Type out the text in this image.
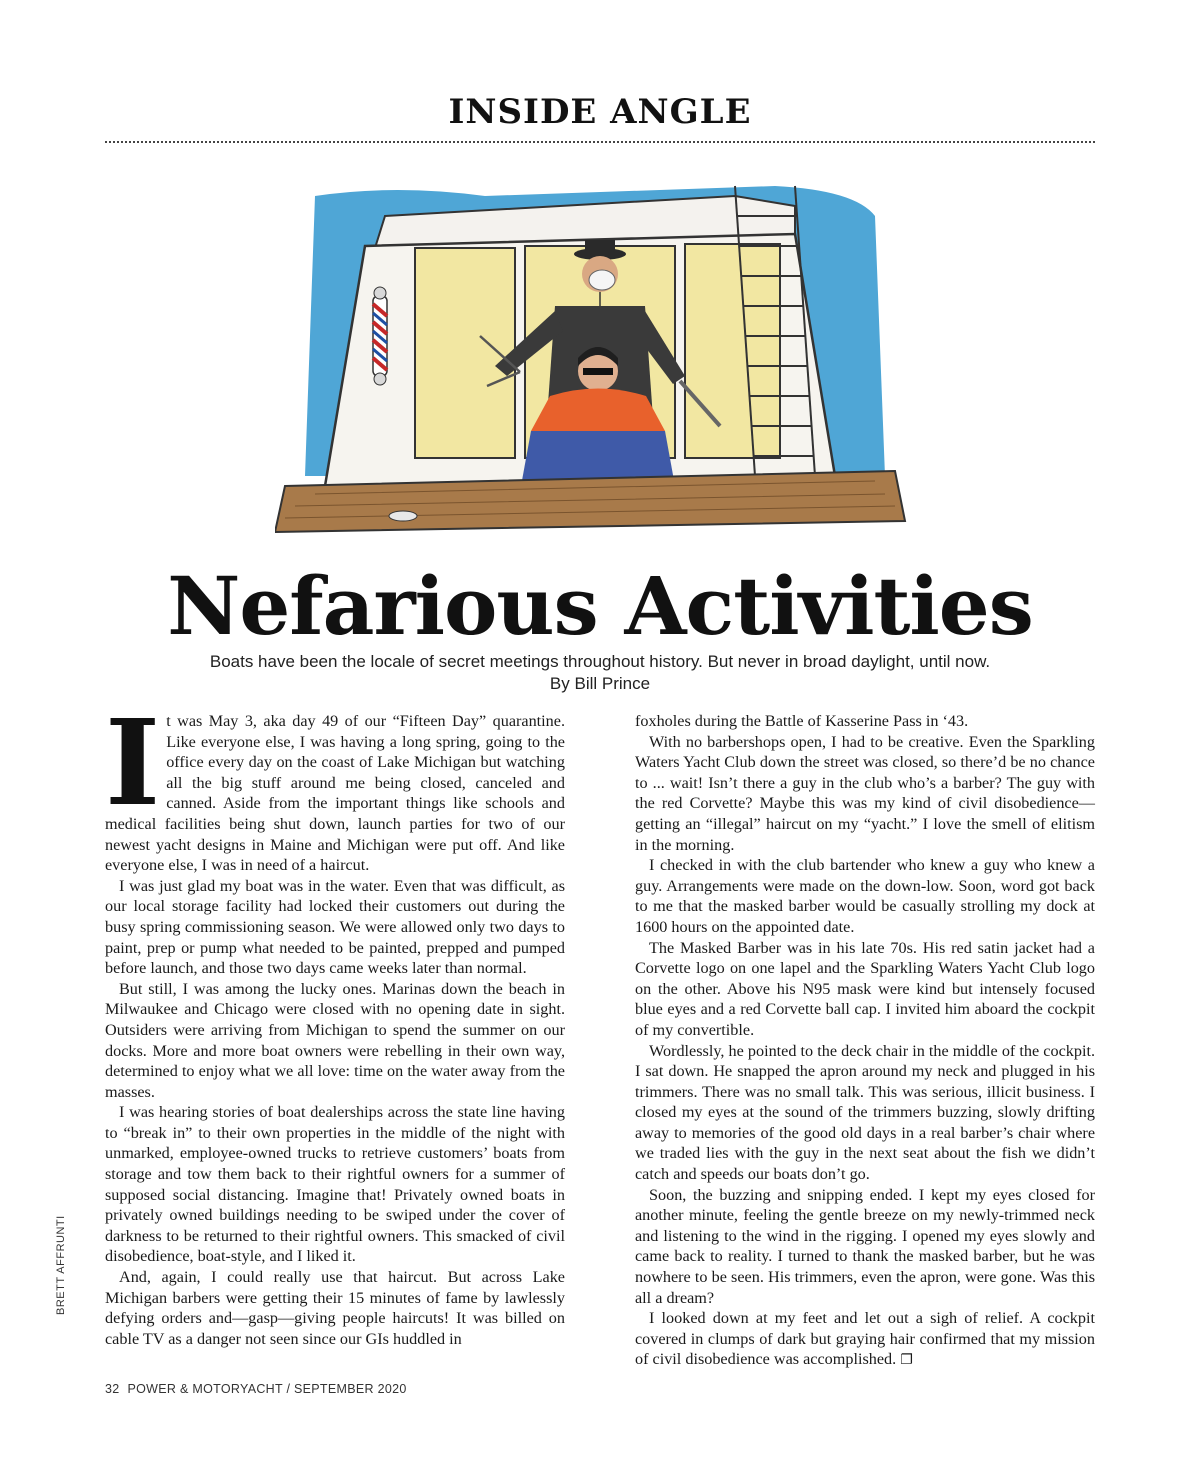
INSIDE ANGLE
Nefarious Activities
Boats have been the locale of secret meetings throughout history. But never in broad daylight, until now.
By Bill Prince

It was May 3, aka day 49 of our “Fifteen Day” quarantine. Like everyone else, I was having a long spring, going to the office every day on the coast of Lake Michigan but watching all the big stuff around me being closed, canceled and canned. Aside from the important things like schools and medical facilities being shut down, launch parties for two of our newest yacht designs in Maine and Michigan were put off. And like everyone else, I was in need of a haircut.

I was just glad my boat was in the water. Even that was difficult, as our local storage facility had locked their customers out during the busy spring commissioning season. We were allowed only two days to paint, prep or pump what needed to be painted, prepped and pumped before launch, and those two days came weeks later than normal.

But still, I was among the lucky ones. Marinas down the beach in Milwaukee and Chicago were closed with no opening date in sight. Outsiders were arriving from Michigan to spend the summer on our docks. More and more boat owners were rebelling in their own way, determined to enjoy what we all love: time on the water away from the masses.

I was hearing stories of boat dealerships across the state line having to “break in” to their own properties in the middle of the night with unmarked, employee-owned trucks to retrieve customers’ boats from storage and tow them back to their rightful owners for a summer of supposed social distancing. Imagine that! Privately owned boats in privately owned buildings needing to be swiped under the cover of darkness to be returned to their rightful owners. This smacked of civil disobedience, boat-style, and I liked it.

And, again, I could really use that haircut. But across Lake Michigan barbers were getting their 15 minutes of fame by lawlessly defying orders and—gasp—giving people haircuts! It was billed on cable TV as a danger not seen since our GIs huddled in

foxholes during the Battle of Kasserine Pass in ‘43.

With no barbershops open, I had to be creative. Even the Sparkling Waters Yacht Club down the street was closed, so there’d be no chance to ... wait! Isn’t there a guy in the club who’s a barber? The guy with the red Corvette? Maybe this was my kind of civil disobedience—getting an “illegal” haircut on my “yacht.” I love the smell of elitism in the morning.

I checked in with the club bartender who knew a guy who knew a guy. Arrangements were made on the down-low. Soon, word got back to me that the masked barber would be casually strolling my dock at 1600 hours on the appointed date.

The Masked Barber was in his late 70s. His red satin jacket had a Corvette logo on one lapel and the Sparkling Waters Yacht Club logo on the other. Above his N95 mask were kind but intensely focused blue eyes and a red Corvette ball cap. I invited him aboard the cockpit of my convertible.

Wordlessly, he pointed to the deck chair in the middle of the cockpit. I sat down. He snapped the apron around my neck and plugged in his trimmers. There was no small talk. This was serious, illicit business. I closed my eyes at the sound of the trimmers buzzing, slowly drifting away to memories of the good old days in a real barber’s chair where we traded lies with the guy in the next seat about the fish we didn’t catch and speeds our boats don’t go.

Soon, the buzzing and snipping ended. I kept my eyes closed for another minute, feeling the gentle breeze on my newly-trimmed neck and listening to the wind in the rigging. I opened my eyes slowly and came back to reality. I turned to thank the masked barber, but he was nowhere to be seen. His trimmers, even the apron, were gone. Was this all a dream?

I looked down at my feet and let out a sigh of relief. A cockpit covered in clumps of dark but graying hair confirmed that my mission of civil disobedience was accomplished. ❐

BRETT AFFRUNTI
32 POWER & MOTORYACHT / SEPTEMBER 2020
